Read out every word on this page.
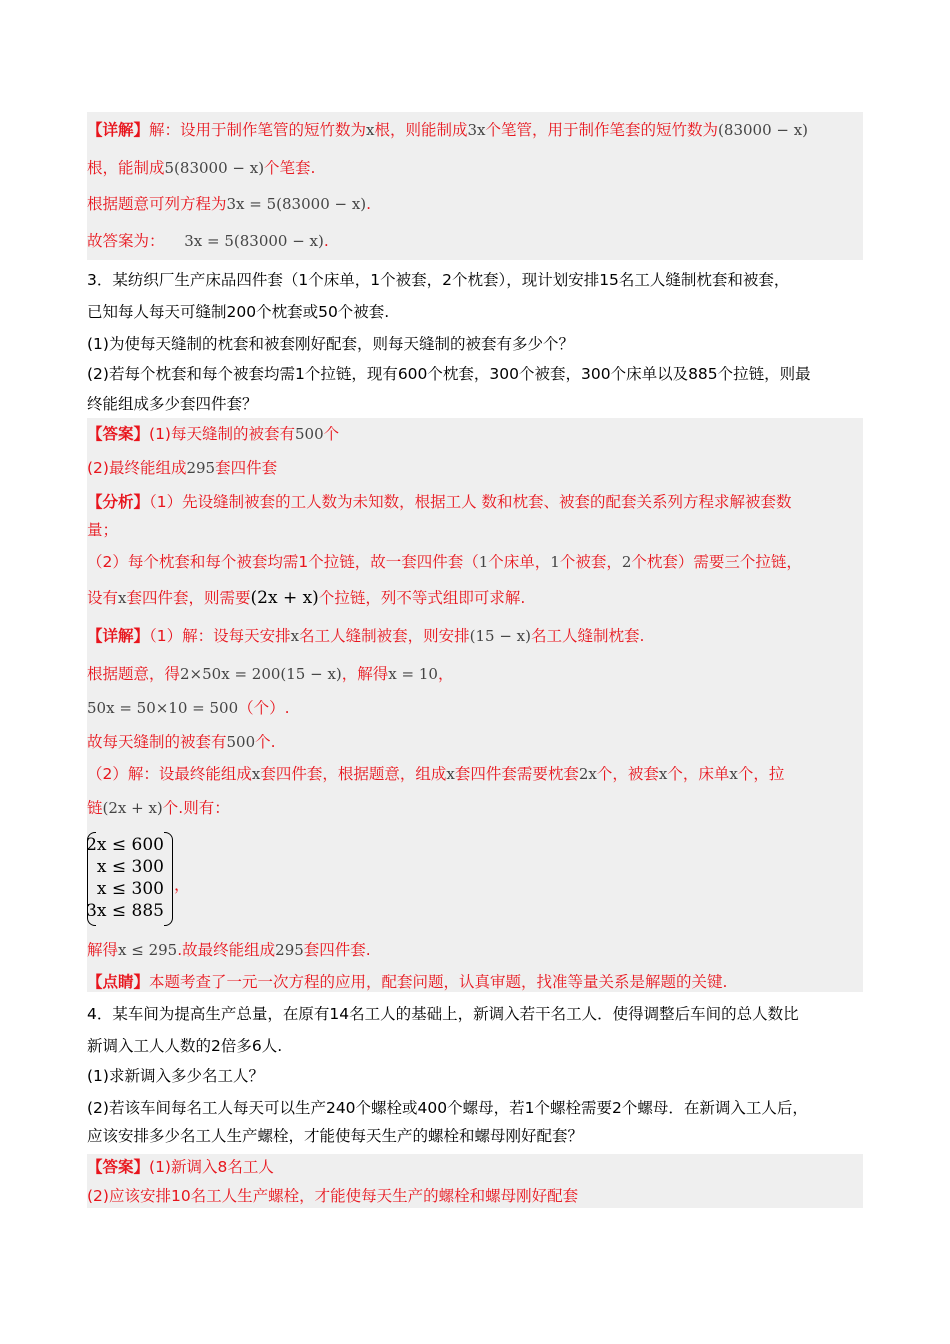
【详解】解：设用于制作笔管的短竹数为x根，则能制成3x个笔管，用于制作笔套的短竹数为(83000 − x)
根，能制成5(83000 − x)个笔套.
根据题意可列方程为3x = 5(83000 − x).
故答案为： 3x = 5(83000 − x).
3．某纺织厂生产床品四件套（1个床单，1个被套，2个枕套），现计划安排15名工人缝制枕套和被套，
已知每人每天可缝制200个枕套或50个被套.
(1)为使每天缝制的枕套和被套刚好配套，则每天缝制的被套有多少个？
(2)若每个枕套和每个被套均需1个拉链，现有600个枕套，300个被套，300个床单以及885个拉链，则最
终能组成多少套四件套？
【答案】(1)每天缝制的被套有500个
(2)最终能组成295套四件套
【分析】（1）先设缝制被套的工人数为未知数，根据工人 数和枕套、被套的配套关系列方程求解被套数
量；
（2）每个枕套和每个被套均需1个拉链，故一套四件套（1个床单，1个被套，2个枕套）需要三个拉链，
设有x套四件套，则需要(2x + x)个拉链，列不等式组即可求解.
【详解】（1）解：设每天安排x名工人缝制被套，则安排(15 − x)名工人缝制枕套.
根据题意，得2×50x = 200(15 − x)，解得x = 10，
50x = 50×10 = 500（个）.
故每天缝制的被套有500个.
（2）解：设最终能组成x套四件套，根据题意，组成x套四件套需要枕套2x个，被套x个，床单x个，拉
链(2x + x)个.则有：
2x ≤ 600
x ≤ 300
x ≤ 300
3x ≤ 885
，
解得x ≤ 295.故最终能组成295套四件套.
【点睛】本题考查了一元一次方程的应用，配套问题，认真审题，找准等量关系是解题的关键.
4．某车间为提高生产总量，在原有14名工人的基础上，新调入若干名工人．使得调整后车间的总人数比
新调入工人人数的2倍多6人.
(1)求新调入多少名工人？
(2)若该车间每名工人每天可以生产240个螺栓或400个螺母，若1个螺栓需要2个螺母．在新调入工人后，
应该安排多少名工人生产螺栓，才能使每天生产的螺栓和螺母刚好配套？
【答案】(1)新调入8名工人
(2)应该安排10名工人生产螺栓，才能使每天生产的螺栓和螺母刚好配套
